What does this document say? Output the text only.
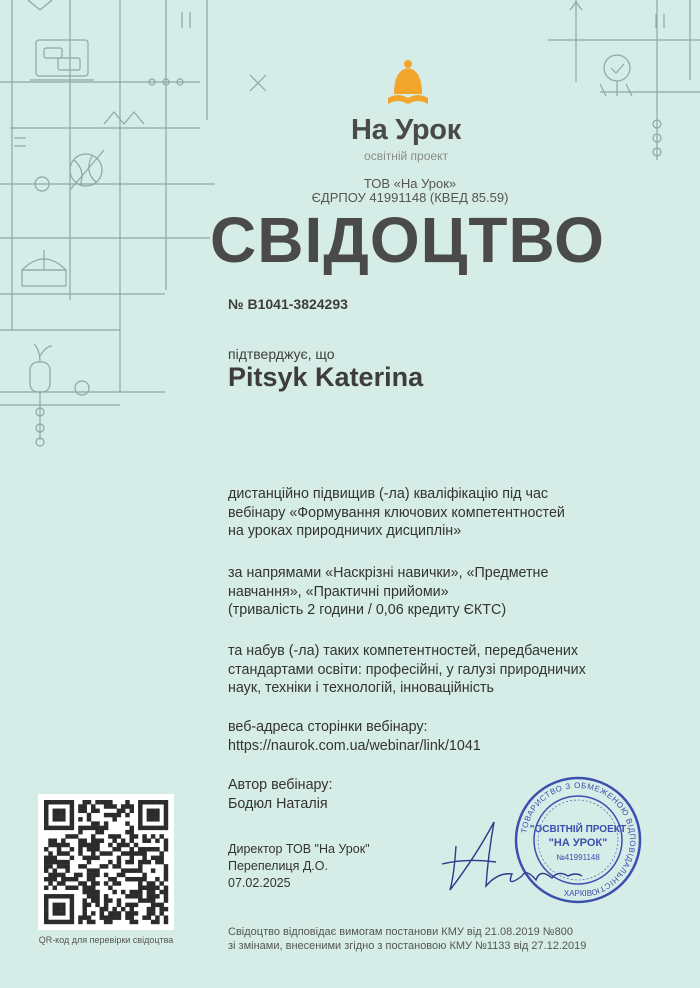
На Урок
освітній проект
ТОВ «На Урок»
ЄДРПОУ 41991148 (КВЕД 85.59)
СВІДОЦТВО
№ B1041-3824293
підтверджує, що
Pitsyk Katerina
дистанційно підвищив (-ла) кваліфікацію під час
вебінару «Формування ключових компетентностей
на уроках природничих дисциплін»
за напрямами «Наскрізні навички», «Предметне
навчання», «Практичні прийоми»
(тривалість 2 години / 0,06 кредиту ЄКТС)
та набув (-ла) таких компетентностей, передбачених
стандартами освіти: професійні, у галузі природничих
наук, техніки і технологій, інноваційність
веб-адреса сторінки вебінару:
https://naurok.com.ua/webinar/link/1041
Автор вебінару:
Бодюл Наталія
Директор ТОВ "На Урок"
Перепелиця Д.О.
07.02.2025
ТОВАРИСТВО З ОБМЕЖЕНОЮ ВІДПОВІДАЛЬНІСТЮ
ХАРКІВ
"ОСВІТНІЙ ПРОЕКТ
"НА УРОК"
№41991148
QR-код для перевірки свідоцтва
Свідоцтво відповідає вимогам постанови КМУ від 21.08.2019 №800
зі змінами, внесеними згідно з постановою КМУ №1133 від 27.12.2019
